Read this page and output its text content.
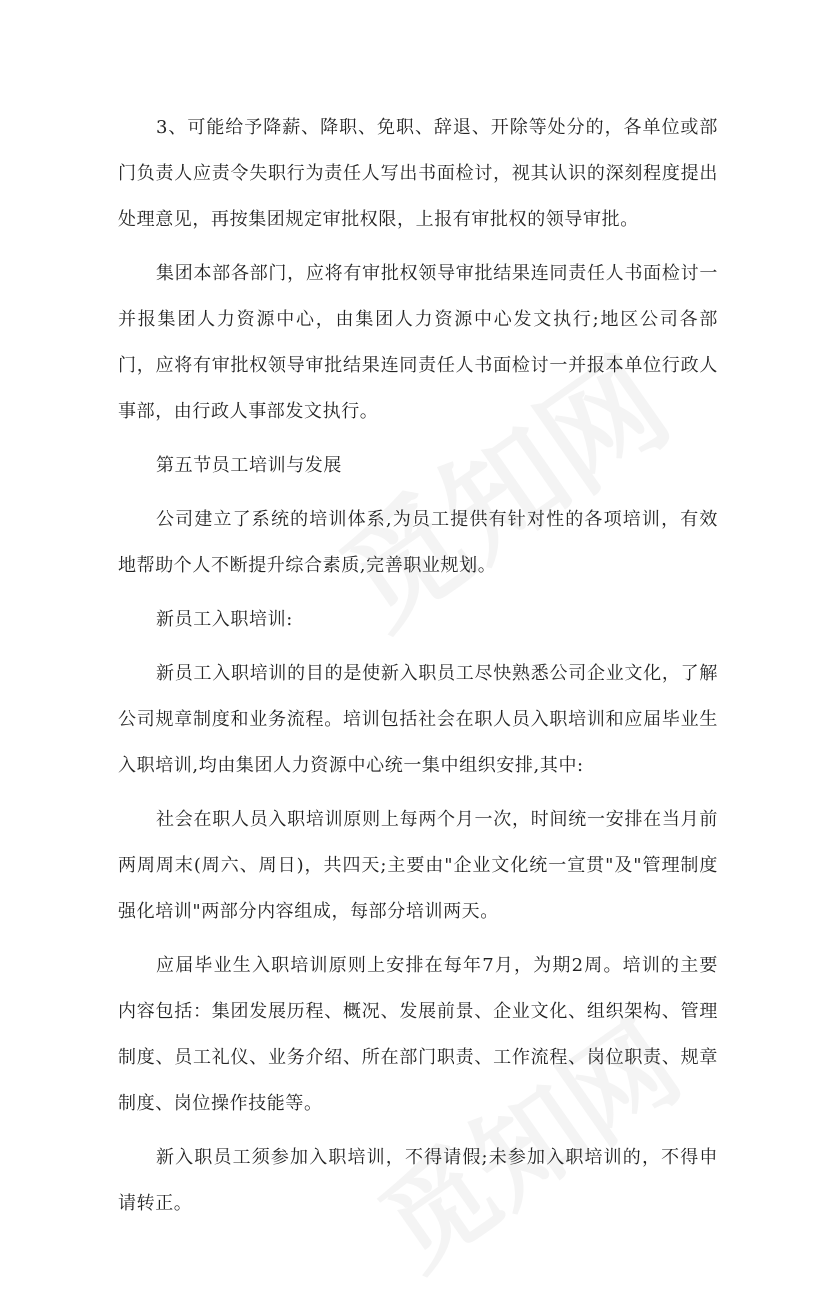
3、可能给予降薪、降职、免职、辞退、开除等处分的，各单位或部门负责人应责令失职行为责任人写出书面检讨，视其认识的深刻程度提出处理意见，再按集团规定审批权限，上报有审批权的领导审批。

集团本部各部门，应将有审批权领导审批结果连同责任人书面检讨一并报集团人力资源中心，由集团人力资源中心发文执行;地区公司各部门，应将有审批权领导审批结果连同责任人书面检讨一并报本单位行政人事部，由行政人事部发文执行。

第五节员工培训与发展

公司建立了系统的培训体系,为员工提供有针对性的各项培训，有效地帮助个人不断提升综合素质,完善职业规划。

新员工入职培训:

新员工入职培训的目的是使新入职员工尽快熟悉公司企业文化，了解公司规章制度和业务流程。培训包括社会在职人员入职培训和应届毕业生入职培训,均由集团人力资源中心统一集中组织安排,其中:

社会在职人员入职培训原则上每两个月一次，时间统一安排在当月前两周周末(周六、周日)，共四天;主要由"企业文化统一宣贯"及"管理制度强化培训"两部分内容组成，每部分培训两天。

应届毕业生入职培训原则上安排在每年7月，为期2周。培训的主要内容包括：集团发展历程、概况、发展前景、企业文化、组织架构、管理制度、员工礼仪、业务介绍、所在部门职责、工作流程、岗位职责、规章制度、岗位操作技能等。

新入职员工须参加入职培训，不得请假;未参加入职培训的，不得申请转正。
